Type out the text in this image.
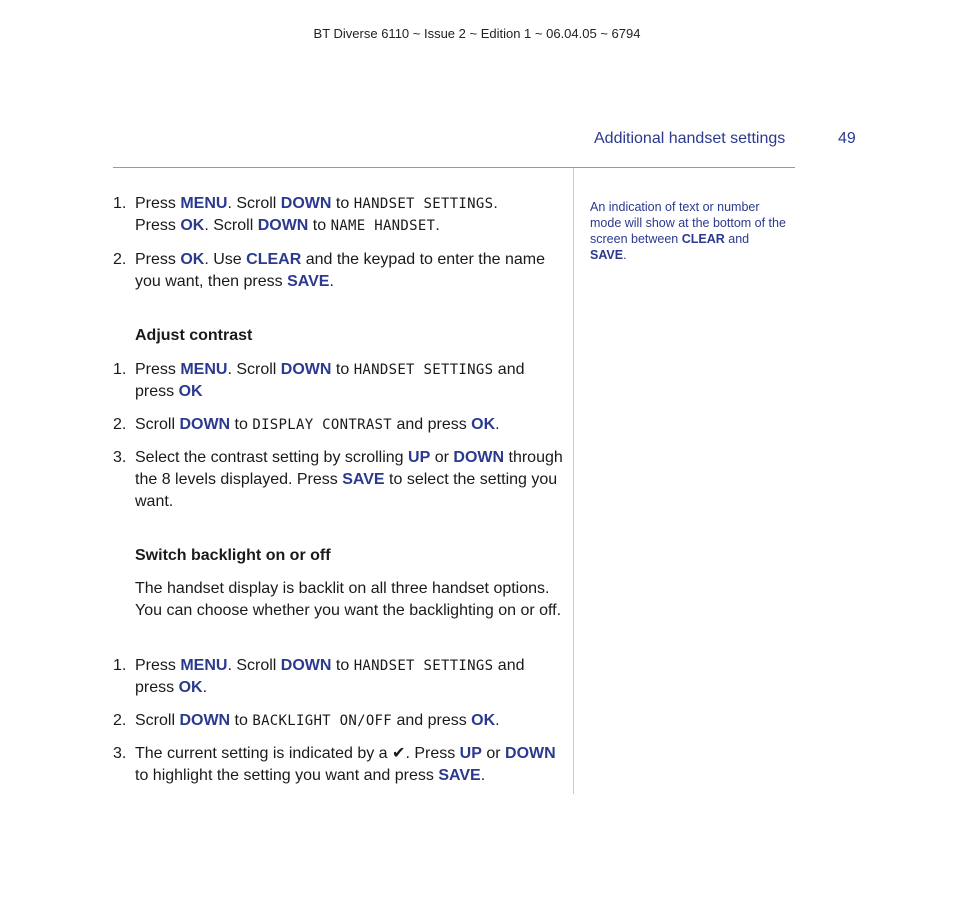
BT Diverse 6110 ~ Issue 2 ~ Edition 1 ~ 06.04.05 ~ 6794
Additional handset settings	49
An indication of text or number mode will show at the bottom of the screen between CLEAR and SAVE.
1. Press MENU. Scroll DOWN to HANDSET SETTINGS.
Press OK. Scroll DOWN to NAME HANDSET.
2. Press OK. Use CLEAR and the keypad to enter the name you want, then press SAVE.
Adjust contrast
1. Press MENU. Scroll DOWN to HANDSET SETTINGS and press OK
2. Scroll DOWN to DISPLAY CONTRAST and press OK.
3. Select the contrast setting by scrolling UP or DOWN through the 8 levels displayed. Press SAVE to select the setting you want.
Switch backlight on or off
The handset display is backlit on all three handset options. You can choose whether you want the backlighting on or off.
1. Press MENU. Scroll DOWN to HANDSET SETTINGS and press OK.
2. Scroll DOWN to BACKLIGHT ON/OFF and press OK.
3. The current setting is indicated by a ✔. Press UP or DOWN to highlight the setting you want and press SAVE.
